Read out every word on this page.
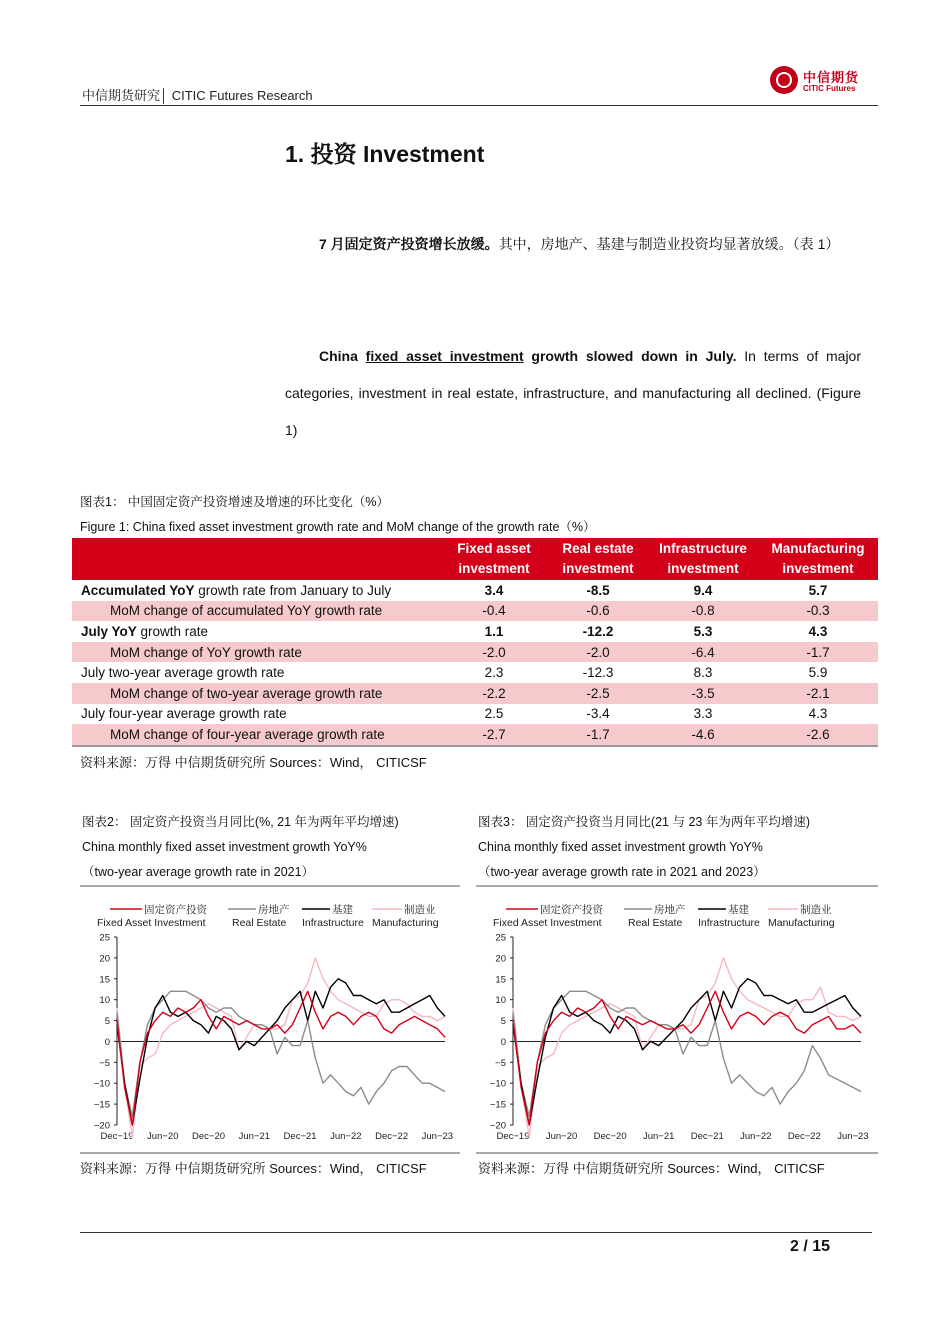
中信期货研究│ CITIC Futures Research
中信期货
CITIC Futures
1. 投资 Investment
7 月固定资产投资增长放缓。其中，房地产、基建与制造业投资均显著放缓。（表 1）
China fixed asset investment growth slowed down in July. In terms of major categories, investment in real estate, infrastructure, and manufacturing all declined. (Figure 1)
图表1： 中国固定资产投资增速及增速的环比变化（%）
Figure 1: China fixed asset investment growth rate and MoM change of the growth rate（%）
	Fixed asset investment	Real estate investment	Infrastructure investment	Manufacturing investment
Accumulated YoY growth rate from January to July	3.4	-8.5	9.4	5.7
MoM change of accumulated YoY growth rate	-0.4	-0.6	-0.8	-0.3
July YoY growth rate	1.1	-12.2	5.3	4.3
MoM change of YoY growth rate	-2.0	-2.0	-6.4	-1.7
July two-year average growth rate	2.3	-12.3	8.3	5.9
MoM change of two-year average growth rate	-2.2	-2.5	-3.5	-2.1
July four-year average growth rate	2.5	-3.4	3.3	4.3
MoM change of four-year average growth rate	-2.7	-1.7	-4.6	-2.6
资料来源：万得 中信期货研究所 Sources：Wind， CITICSF
图表2： 固定资产投资当月同比(%, 21 年为两年平均增速)
China monthly fixed asset investment growth YoY%
（two-year average growth rate in 2021）
图表3： 固定资产投资当月同比(21 与 23 年为两年平均增速)
China monthly fixed asset investment growth YoY%
（two-year average growth rate in 2021 and 2023）
固定资产投资
Fixed Asset Investment
房地产
Real Estate
基建
Infrastructure
制造业
Manufacturing
25
20
15
10
5
0
−5
−10
−15
−20
Dec−19 Jun−20 Dec−20 Jun−21 Dec−21 Jun−22 Dec−22 Jun−23
固定资产投资
Fixed Asset Investment
房地产
Real Estate
基建
Infrastructure
制造业
Manufacturing
25
20
15
10
5
0
−5
−10
−15
−20
Dec−19 Jun−20 Dec−20 Jun−21 Dec−21 Jun−22 Dec−22 Jun−23
资料来源：万得 中信期货研究所 Sources：Wind， CITICSF	资料来源：万得 中信期货研究所 Sources：Wind， CITICSF
2 / 15
